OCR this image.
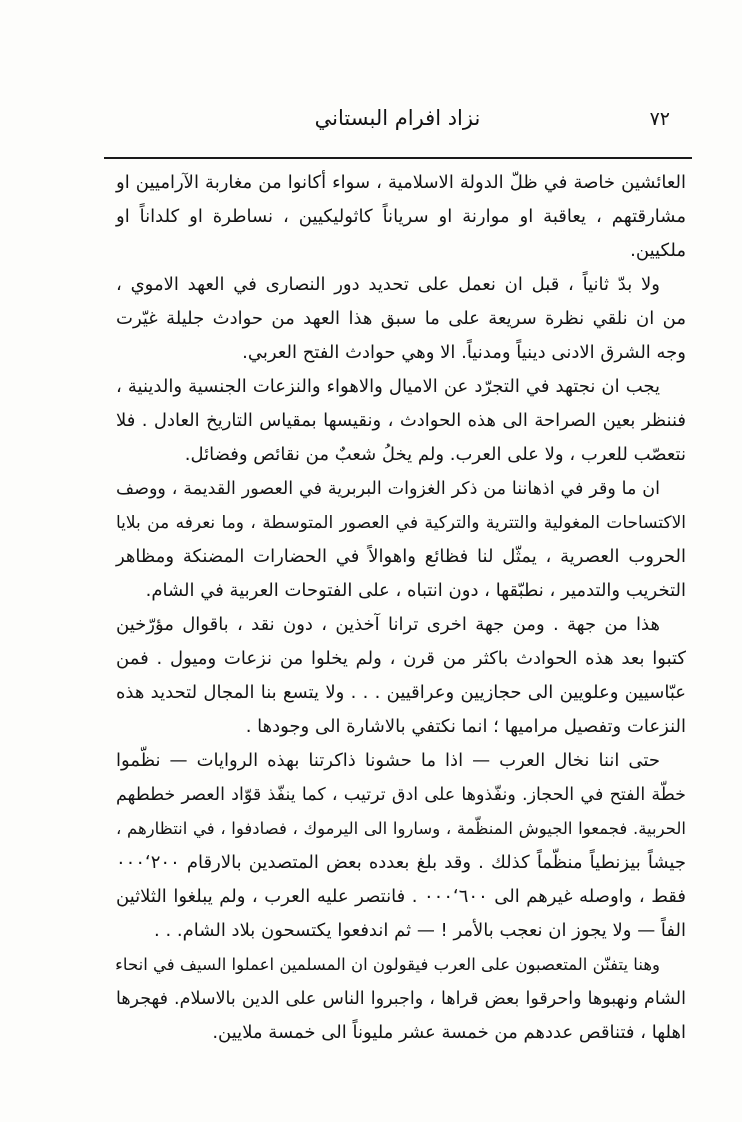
٧٢
نزاد افرام البستاني
العائشين خاصة في ظلّ الدولة الاسلامية ، سواء أكانوا من مغاربة الآراميين او
مشارقتهم ، يعاقبة او موارنة او سرياناً كاثوليكيين ، نساطرة او كلداناً او
ملكيين.
ولا بدّ ثانياً ، قبل ان نعمل على تحديد دور النصارى في العهد الاموي ،
من ان نلقي نظرة سريعة على ما سبق هذا العهد من حوادث جليلة غيّرت
وجه الشرق الادنى دينياً ومدنياً. الا وهي حوادث الفتح العربي.
يجب ان نجتهد في التجرّد عن الاميال والاهواء والنزعات الجنسية والدينية ،
فننظر بعين الصراحة الى هذه الحوادث ، ونقيسها بمقياس التاريخ العادل . فلا
نتعصّب للعرب ، ولا على العرب. ولم يخلُ شعبٌ من نقائص وفضائل.
ان ما وقر في اذهاننا من ذكر الغزوات البربرية في العصور القديمة ، ووصف
الاكتساحات المغولية والتترية والتركية في العصور المتوسطة ، وما نعرفه من بلايا
الحروب العصرية ، يمثّل لنا فظائع واهوالاً في الحضارات المضنكة ومظاهر
التخريب والتدمير ، نطبّقها ، دون انتباه ، على الفتوحات العربية في الشام.
هذا من جهة . ومن جهة اخرى ترانا آخذين ، دون نقد ، باقوال مؤرّخين
كتبوا بعد هذه الحوادث باكثر من قرن ، ولم يخلوا من نزعات وميول . فمن
عبّاسيين وعلويين الى حجازيين وعراقيين . . . ولا يتسع بنا المجال لتحديد هذه
النزعات وتفصيل مراميها ؛ انما نكتفي بالاشارة الى وجودها .
حتى اننا نخال العرب — اذا ما حشونا ذاكرتنا بهذه الروايات — نظّموا
خطّة الفتح في الحجاز. ونفّذوها على ادق ترتيب ، كما ينفّذ قوّاد العصر خططهم
الحربية. فجمعوا الجيوش المنظّمة ، وساروا الى اليرموك ، فصادفوا ، في انتظارهم ،
جيشاً بيزنطياً منظّماً كذلك . وقد بلغ بعدده بعض المتصدين بالارقام ٢٠٠‘٠٠٠
فقط ، واوصله غيرهم الى ٦٠٠‘٠٠٠ . فانتصر عليه العرب ، ولم يبلغوا الثلاثين
الفاً — ولا يجوز ان نعجب بالأمر ! — ثم اندفعوا يكتسحون بلاد الشام. . .
وهنا يتفنّن المتعصبون على العرب فيقولون ان المسلمين اعملوا السيف في انحاء
الشام ونهبوها واحرقوا بعض قراها ، واجبروا الناس على الدين بالاسلام. فهجرها
اهلها ، فتناقص عددهم من خمسة عشر مليوناً الى خمسة ملايين.
